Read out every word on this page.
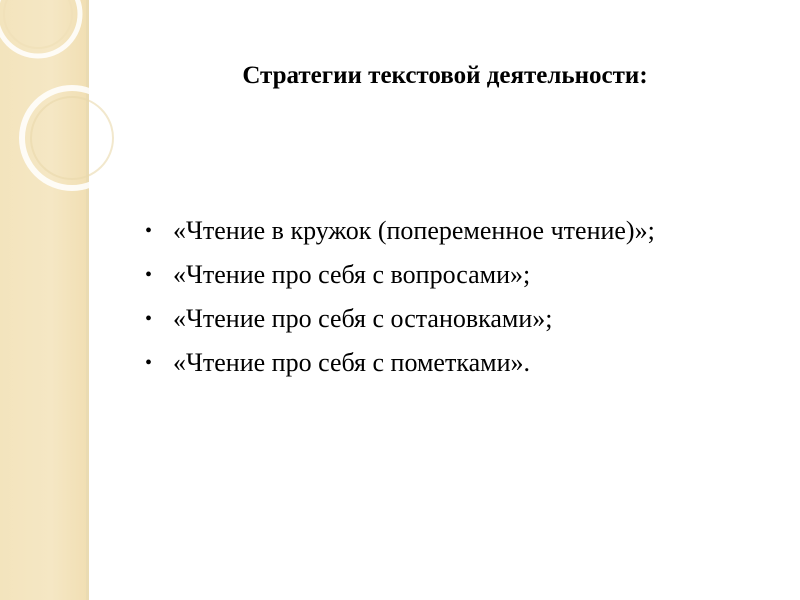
Стратегии текстовой деятельности:
• «Чтение в кружок (попеременное чтение)»;
• «Чтение про себя с вопросами»;
• «Чтение про себя с остановками»;
• «Чтение про себя с пометками».
